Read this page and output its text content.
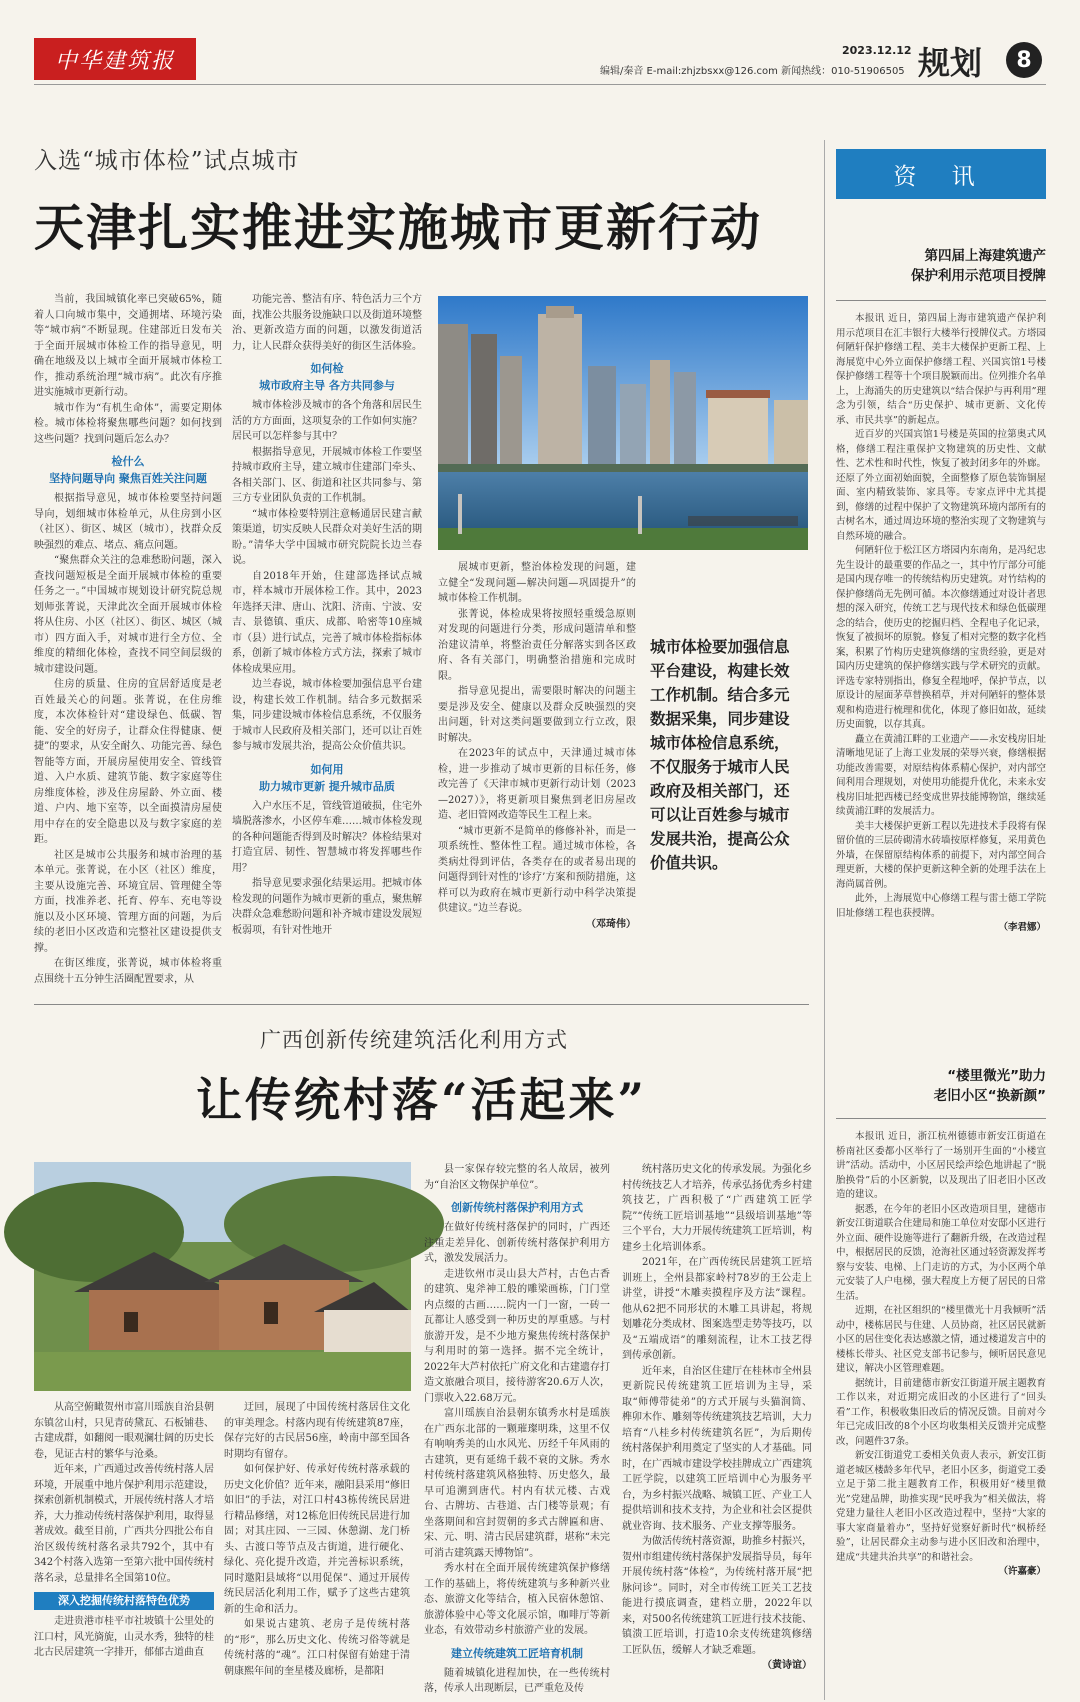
中华建筑报	2023.12.12
编辑/秦音 E-mail:zhjzbsxx@126.com 新闻热线：010-51906505 规划	8
入选“城市体检”试点城市
天津扎实推进实施城市更新行动

当前，我国城镇化率已突破65%，随着人口向城市集中，交通拥堵、环境污染等“城市病”不断显现。住建部近日发布关于全面开展城市体检工作的指导意见，明确在地级及以上城市全面开展城市体检工作，推动系统治理“城市病”。此次有序推进实施城市更新行动。

城市作为“有机生命体”，需要定期体检。城市体检将聚焦哪些问题？如何找到这些问题？找到问题后怎么办？

检什么
坚持问题导向 聚焦百姓关注问题

根据指导意见，城市体检要坚持问题导向，划细城市体检单元，从住房到小区（社区）、街区、城区（城市），找群众反映强烈的难点、堵点、痛点问题。

“聚焦群众关注的急难愁盼问题，深入查找问题短板是全面开展城市体检的重要任务之一。”中国城市规划设计研究院总规划师张菁说，天津此次全面开展城市体检将从住房、小区（社区）、街区、城区（城市）四方面入手，对城市进行全方位、全维度的精细化体检，查找不同空间层级的城市建设问题。

住房的质量、住房的宜居舒适度是老百姓最关心的问题。张菁说，在住房维度，本次体检针对“建设绿色、低碳、智能、安全的好房子，让群众住得健康、便捷”的要求，从安全耐久、功能完善、绿色智能等方面，开展房屋使用安全、管线管道、入户水质、建筑节能、数字家庭等住房维度体检，涉及住房屋龄、外立面、楼道、户内、地下室等，以全面摸清房屋使用中存在的安全隐患以及与数字家庭的差距。

社区是城市公共服务和城市治理的基本单元。张菁说，在小区（社区）维度，主要从设施完善、环境宜居、管理健全等方面，找准养老、托育、停车、充电等设施以及小区环境、管理方面的问题，为后续的老旧小区改造和完整社区建设提供支撑。

在街区维度，张菁说，城市体检将重点围绕十五分钟生活圈配置要求，从

功能完善、整洁有序、特色活力三个方面，找准公共服务设施缺口以及街道环境整治、更新改造方面的问题，以激发街道活力，让人民群众获得美好的街区生活体验。

如何检
城市政府主导 各方共同参与

城市体检涉及城市的各个角落和居民生活的方方面面，这项复杂的工作如何实施？居民可以怎样参与其中？

根据指导意见，开展城市体检工作要坚持城市政府主导，建立城市住建部门牵头、各相关部门、区、街道和社区共同参与、第三方专业团队负责的工作机制。

“城市体检要特别注意畅通居民建言献策渠道，切实反映人民群众对美好生活的期盼。”清华大学中国城市研究院院长边兰春说。

自2018年开始，住建部选择试点城市，样本城市开展体检工作。其中，2023年选择天津、唐山、沈阳、济南、宁波、安吉、景德镇、重庆、成都、哈密等10座城市（县）进行试点，完善了城市体检指标体系，创新了城市体检方式方法，探索了城市体检成果应用。

边兰春说，城市体检要加强信息平台建设，构建长效工作机制。结合多元数据采集，同步建设城市体检信息系统，不仅服务于城市人民政府及相关部门，还可以让百姓参与城市发展共治，提高公众价值共识。

如何用
助力城市更新 提升城市品质

入户水压不足，管线管道破损，住宅外墙脱落渗水，小区停车难……城市体检发现的各种问题能否得到及时解决？体检结果对打造宜居、韧性、智慧城市将发挥哪些作用？

指导意见要求强化结果运用。把城市体检发现的问题作为城市更新的重点，聚焦解决群众急难愁盼问题和补齐城市建设发展短板弱项，有针对性地开

展城市更新，整治体检发现的问题，建立健全“发现问题—解决问题—巩固提升”的城市体检工作机制。

张菁说，体检成果将按照轻重缓急原则对发现的问题进行分类，形成问题清单和整治建议清单，将整治责任分解落实到各区政府、各有关部门，明确整治措施和完成时限。

指导意见提出，需要限时解决的问题主要是涉及安全、健康以及群众反映强烈的突出问题，针对这类问题要做到立行立改，限时解决。

在2023年的试点中，天津通过城市体检，进一步推动了城市更新的目标任务，修改完善了《天津市城市更新行动计划（2023—2027）》，将更新项目聚焦到老旧房屋改造、老旧管网改造等民生工程上来。

“城市更新不是简单的修修补补，而是一项系统性、整体性工程。通过城市体检，各类病灶得到评估，各类存在的或者易出现的问题得到针对性的‘诊疗’方案和预防措施，这样可以为政府在城市更新行动中科学决策提供建议。”边兰春说。

（邓琦伟）
城市体检要加强信息平台建设，构建长效工作机制。结合多元数据采集，同步建设城市体检信息系统，不仅服务于城市人民政府及相关部门，还可以让百姓参与城市发展共治，提高公众价值共识。
资 讯
第四届上海建筑遗产
保护利用示范项目授牌

本报讯 近日，第四届上海市建筑遗产保护利用示范项目在汇丰银行大楼举行授牌仪式。方塔园何陋轩保护修缮工程、美丰大楼保护更新工程、上海展览中心外立面保护修缮工程、兴国宾馆1号楼保护修缮工程等十个项目脱颖而出。位列推介名单上，上海涌失的历史建筑以“结合保护与再利用”理念为引领，结合“历史保护、城市更新、文化传承、市民共享”的新起点。

近百岁的兴国宾馆1号楼是英国的拉第奥式风格，修缮工程注重保护文物建筑的历史性、文献性、艺术性和时代性，恢复了被封闭多年的外廊。还原了外立面初始面貌，全面整修了原色装饰铜屋面、室内精致装饰、家具等。专家点评中尤其提到，修缮的过程中保护了文物建筑环境内部所有的古树名木，通过周边环境的整治实现了文物建筑与自然环境的融合。

何陋轩位于松江区方塔园内东南角，是冯纪忠先生设计的最重要的作品之一，其中竹厅部分可能是国内现存唯一的传统结构历史建筑。对竹结构的保护修缮尚无先例可循。本次修缮通过对设计者思想的深入研究，传统工艺与现代技术和绿色低碳理念的结合，使历史的挖掘归档、全程电子化记录，恢复了被损坏的原貌。修复了相对完整的数字化档案，积累了竹构历史建筑修缮的宝贵经验，更是对国内历史建筑的保护修缮实践与学术研究的贡献。评选专家特别指出，修复全程地呼，保护节点，以原设计的屋面茅草替换稻草，并对何陋轩的整体景观和构造进行梳理和优化，体现了修旧如故，延续历史面貌，以存其真。

矗立在黄浦江畔的工业遗产——永安栈房旧址清晰地见证了上海工业发展的荣辱兴衰，修缮根据功能改善需要，对原结构体系精心保护，对内部空间利用合理规划，对使用功能提升优化，未来永安栈房旧址把西楼已经变成世界技能博物馆，继续延续黄浦江畔的发展活力。

美丰大楼保护更新工程以先进技术手段将有保留价值的三层砖砌清水砖墙按原样修复，采用黄色外墙，在保留原结构体系的前提下，对内部空间合理更新，大楼的保护更新这种全新的处理手法在上海尚属首例。

此外，上海展览中心修缮工程与雷士德工学院旧址修缮工程也获授牌。

（李君娜）
“楼里微光”助力
老旧小区“换新颜”

本报讯 近日，浙江杭州德德市新安江街道在桥南社区委都小区举行了一场别开生面的“小楼宣讲”活动。活动中，小区居民绘声绘色地讲起了“脱胎换骨”后的小区新貌，以及现出了旧老旧小区改造的建议。

据悉，在今年的老旧小区改造项目里，建德市新安江街道联合住建局和施工单位对安邸小区进行外立面、硬件设施等进行了翻新升级，在改造过程中，根据居民的反馈，沧海社区通过轻资源发挥考察与安装、电梯、上门走访的方式，为小区两个单元安装了人户电梯，强大程度上方便了居民的日常生活。

近期，在社区组织的“楼里微光十月我倾听”活动中，楼栋居民与住建、人员协商，社区居民就新小区的居住变化表达感激之情，通过楼道发言中的楼栋长带头、社区党支部书记参与，倾听居民意见建议，解决小区管理难题。

据统计，目前建德市新安江街道开展主题教育工作以来，对近期完成旧改的小区进行了“回头看”工作，积极收集旧改后的情况反馈。目前对今年已完成旧改的8个小区均收集相关反馈并完成整改，问题件37条。

新安江街道党工委相关负责人表示，新安江街道老城区楼龄多年代早，老旧小区多，街道党工委立足于第二批主题教育工作，积极用好“楼里微光”党建品牌，助推实现“民呼我为”相关做法，将党建力量往人老旧小区改造过程中，坚持“大家的事大家商量着办”，坚持好觉察好新时代“枫桥经验”，让居民群众主动参与进小区旧改和治理中，建成“共建共治共享”的和谐社会。

（许嘉豪）
广西创新传统建筑活化利用方式
让传统村落“活起来”

从高空俯瞰贺州市富川瑶族自治县朝东镇岔山村，只见青砖黛瓦、石板铺巷、古建成群，如翻阅一眼观澜壮阔的历史长卷，见证古村的繁华与沧桑。

近年来，广西通过改善传统村落人居环境，开展重中地片保护利用示范建设，探索创新机制模式，开展传统村落人才培养，大力推动传统村落保护利用，取得显著成效。截至目前，广西共分四批公布自治区级传统村落名录共792个，其中有342个村落入选第一至第六批中国传统村落名录，总量排名全国第10位。

深入挖掘传统村落特色优势

走进贵港市桂平市社坡镇十公里处的江口村，风光旖旎，山灵水秀，独特的桂北古民居建筑一字排开，郁郁古道曲直

迂回，展现了中国传统村落居住文化的审美理念。村落内现有传统建筑87座，保存完好的古民居56座，岭南中部至国各时期均有留存。

如何保护好、传承好传统村落承载的历史文化价值？近年来，融阳县采用“修旧如旧”的手法，对江口村43栋传统民居进行精品修缮，对12栋危旧传统民居进行加固；对其庄园、一三园、休憩湖、龙门桥头、古渡口等节点及古街道，进行硬化、绿化、亮化提升改造，并完善标识系统，同时邀阳县域将“以用促保”、通过开展传统民居活化利用工作，赋予了这些古建筑新的生命和活力。

如果说古建筑、老房子是传统村落的“形”，那么历史文化、传统习俗等就是传统村落的“魂”。江口村保留有始建于清朝康熙年间的奎星楼及廊桥，是都阳

县一家保存较完整的名人故居，被列为“自治区文物保护单位”。

创新传统村落保护利用方式

在做好传统村落保护的同时，广西还注重走差异化、创新传统村落保护利用方式，激发发展活力。

走进钦州市灵山县大芦村，古色古香的建筑、鬼斧神工般的雕梁画栋，门门堂内点缀的古画……院内一门一窗，一砖一瓦都让人感受到一种历史的厚重感。与村旅游开发，是不少地方聚焦传统村落保护与利用时的第一选择。据不完全统计，2022年大芦村依托广府文化和古建遗存打造文旅融合项目，接待游客20.6万人次，门票收入22.68万元。

富川瑶族自治县朝东镇秀水村是瑶族在广西东北部的一颗璀璨明珠，这里不仅有响响秀美的山水风光、历经千年风雨的古建筑，更有延绵千载不衰的文脉。秀水村传统村落建筑风格独特、历史悠久，最早可追溯到唐代。村内有状元楼、古戏台、古牌坊、古巷道、古门楼等景观；有坐落期间和宫封贺朝的多式古牌匾和唐、宋、元、明、清古民居建筑群，堪称“未完可消古建筑露天博物馆”。

秀水村在全面开展传统建筑保护修缮工作的基础上，将传统建筑与多种新兴业态、旅游文化等结合，植入民宿休憩馆、旅游体验中心等文化展示馆，咖啡厅等新业态，有效带动乡村旅游产业的发展。

建立传统建筑工匠培育机制

随着城镇化进程加快，在一些传统村落，传承人出现断层，已严重危及传

统村落历史文化的传承发展。为强化乡村传统技艺人才培养，传承弘扬优秀乡村建筑技艺，广西积极了“广西建筑工匠学院”“传统工匠培训基地”“县级培训基地”等三个平台，大力开展传统建筑工匠培训，构建乡土化培训体系。

2021年，在广西传统民居建筑工匠培训班上，全州县都家岭村78岁的王公走上讲堂，讲授“木雕卖摸程序及方法”课程。他从62把不同形状的木雕工具讲起，将规划雕花分类成材、图案选型走势等技巧，以及“五端成语”的雕刻流程，让木工技艺得到传承创新。

近年来，自治区住建厅在桂林市全州县更新院民传统建筑工匠培训为主导，采取“师傅带徒弟”的方式开展与头猫润筒、榫卯木作、雕刻等传统建筑技艺培训，大力培育“八桂乡村传统建筑名匠”，为后期传统村落保护利用奠定了坚实的人才基础。同时，在广西城市建设学校挂牌成立广西建筑工匠学院，以建筑工匠培训中心为服务平台，为乡村振兴战略、城镇工匠、产业工人提供培训和技术支持，为企业和社会区提供就业咨询、技术服务、产业支撑等服务。

为做活传统村落资源，助推乡村振兴，贺州市组建传统村落保护发展指导员，每年开展传统村落“体检”，为传统村落开展“把脉问诊”。同时，对全市传统工匠关工艺技能进行摸底调查，建档立册，2022年以来，对500名传统建筑工匠进行技术技能、镇溃工匠培训，打造10余支传统建筑修缮工匠队伍，缓解人才缺乏难题。

（黄诗谊）
